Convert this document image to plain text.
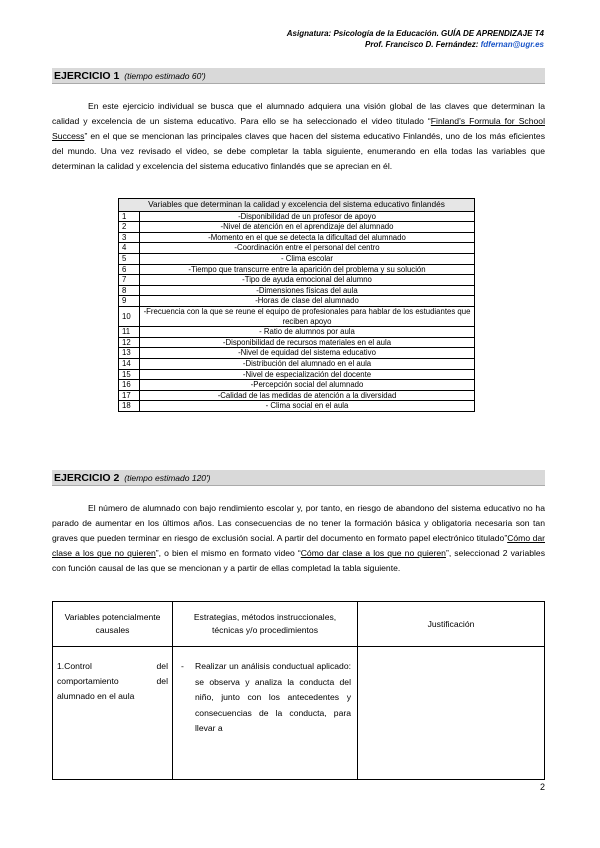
Asignatura: Psicología de la Educación. GUÍA DE APRENDIZAJE T4
Prof. Francisco D. Fernández: fdfernan@ugr.es
EJERCICIO 1 (tiempo estimado 60')
En este ejercicio individual se busca que el alumnado adquiera una visión global de las claves que determinan la calidad y excelencia de un sistema educativo. Para ello se ha seleccionado el video titulado “Finland’s Formula for School Success” en el que se mencionan las principales claves que hacen del sistema educativo Finlandés, uno de los más eficientes del mundo. Una vez revisado el video, se debe completar la tabla siguiente, enumerando en ella todas las variables que determinan la calidad y excelencia del sistema educativo finlandés que se aprecian en él.
Variables que determinan la calidad y excelencia del sistema educativo finlandés	
1	-Disponibilidad de un profesor de apoyo
2	-Nivel de atención en el aprendizaje del alumnado
3	-Momento en el que se detecta la dificultad del alumnado
4	-Coordinación entre el personal del centro
5	- Clima escolar
6	-Tiempo que transcurre entre la aparición del problema y su solución
7	-Tipo de ayuda emocional del alumno
8	-Dimensiones físicas del aula
9	-Horas de clase del alumnado
10	-Frecuencia con la que se reune el equipo de profesionales para hablar de los estudiantes que reciben apoyo
11	- Ratio de alumnos por aula
12	-Disponibilidad de recursos materiales en el aula
13	-Nivel de equidad del sistema educativo
14	-Distribución del alumnado en el aula
15	-Nivel de especialización del docente
16	-Percepción social del alumnado
17	-Calidad de las medidas de atención a la diversidad
18	- Clima social en el aula
EJERCICIO 2 (tiempo estimado 120')
El número de alumnado con bajo rendimiento escolar y, por tanto, en riesgo de abandono del sistema educativo no ha parado de aumentar en los últimos años. Las consecuencias de no tener la formación básica y obligatoria necesaria son tan graves que pueden terminar en riesgo de exclusión social. A partir del documento en formato papel electrónico titulado”Cómo dar clase a los que no quieren”, o bien el mismo en formato video “Cómo dar clase a los que no quieren”, seleccionad 2 variables con función causal de las que se mencionan y a partir de ellas completad la tabla siguiente.
Variables potencialmente causales	Estrategias, métodos instruccionales, técnicas y/o procedimientos	Justificación
1.Control del comportamiento del alumnado en el aula	- Realizar un análisis conductual aplicado: se observa y analiza la conducta del niño, junto con los antecedentes y consecuencias de la conducta, para llevar a	
2
